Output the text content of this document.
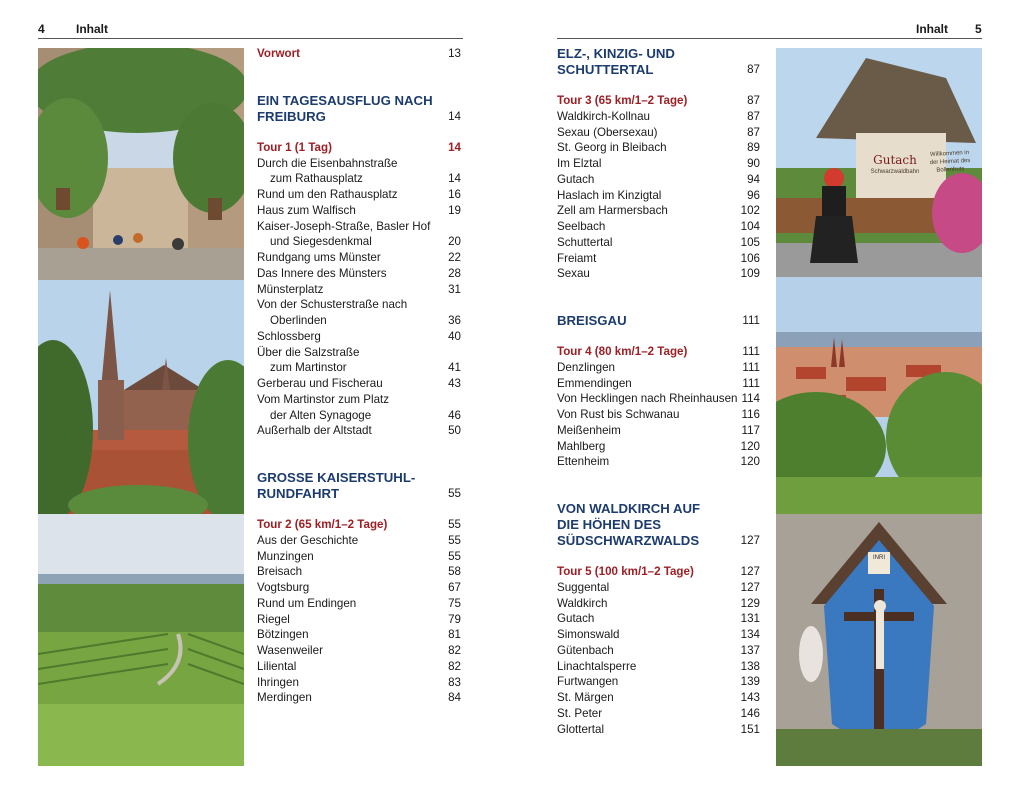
4	Inhalt
Vorwort	13
EIN TAGESAUSFLUG NACH
FREIBURG	14
Tour 1 (1 Tag)	14
Durch die Eisenbahnstraße
zum Rathausplatz	14
Rund um den Rathausplatz	16
Haus zum Walfisch	19
Kaiser-Joseph-Straße, Basler Hof
und Siegesdenkmal	20
Rundgang ums Münster	22
Das Innere des Münsters	28
Münsterplatz	31
Von der Schusterstraße nach
Oberlinden	36
Schlossberg	40
Über die Salzstraße
zum Martinstor	41
Gerberau und Fischerau	43
Vom Martinstor zum Platz
der Alten Synagoge	46
Außerhalb der Altstadt	50
GROSSE KAISERSTUHL-
RUNDFAHRT	55
Tour 2 (65 km/1–2 Tage)	55
Aus der Geschichte	55
Munzingen	55
Breisach	58
Vogtsburg	67
Rund um Endingen	75
Riegel	79
Bötzingen	81
Wasenweiler	82
Liliental	82
Ihringen	83
Merdingen	84
Inhalt 5
ELZ-, KINZIG- UND
SCHUTTERTAL	87
Tour 3 (65 km/1–2 Tage)	87
Waldkirch-Kollnau	87
Sexau (Obersexau)	87
St. Georg in Bleibach	89
Im Elztal	90
Gutach	94
Haslach im Kinzigtal	96
Zell am Harmersbach	102
Seelbach	104
Schuttertal	105
Freiamt	106
Sexau	109
BREISGAU	111
Tour 4 (80 km/1–2 Tage)	111
Denzlingen	111
Emmendingen	111
Von Hecklingen nach Rheinhausen 114
Von Rust bis Schwanau	116
Meißenheim	117
Mahlberg	120
Ettenheim	120
VON WALDKIRCH AUF
DIE HÖHEN DES
SÜDSCHWARZWALDS	127
Tour 5 (100 km/1–2 Tage)	127
Suggental	127
Waldkirch	129
Gutach	131
Simonswald	134
Gütenbach	137
Linachtalsperre	138
Furtwangen	139
St. Märgen	143
St. Peter	146
Glottertal	151
Gutach
Schwarzwaldbahn
Willkommen in der Heimat des Bollenhuts
INRI
